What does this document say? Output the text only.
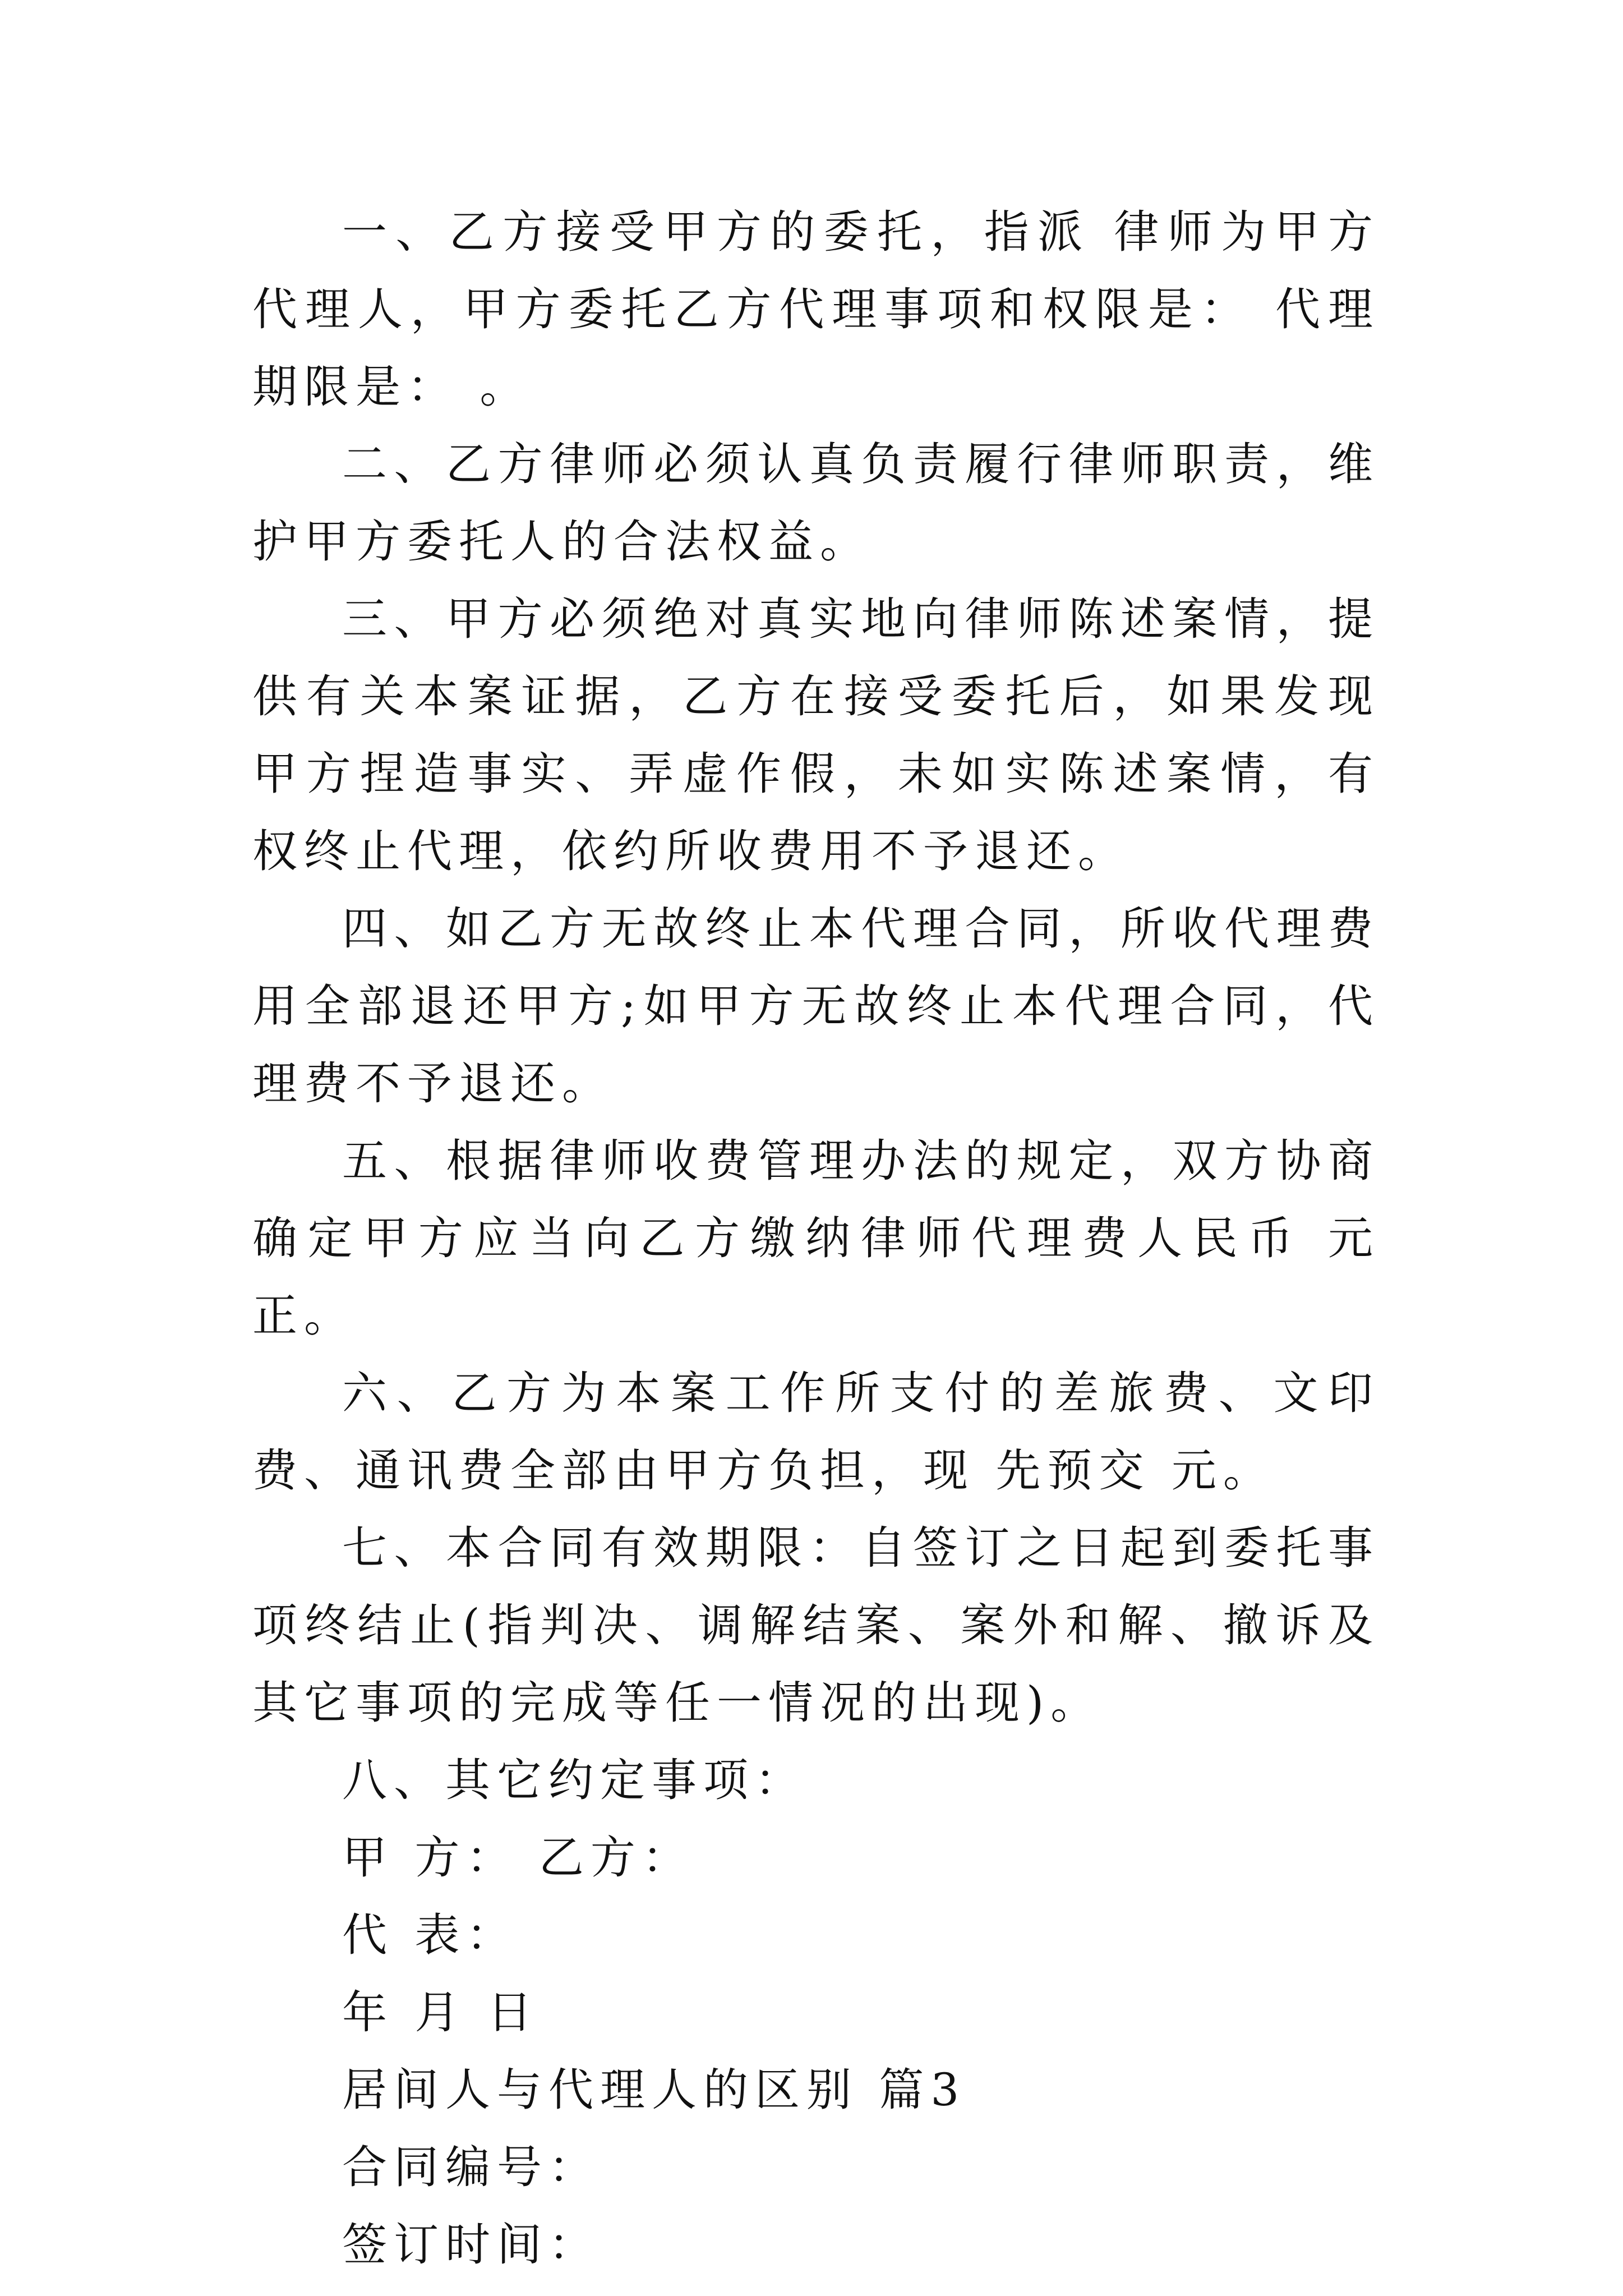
一、乙方接受甲方的委托，指派 律师为甲方代理人，甲方委托乙方代理事项和权限是： 代理期限是： 。

二、乙方律师必须认真负责履行律师职责，维护甲方委托人的合法权益。

三、甲方必须绝对真实地向律师陈述案情，提供有关本案证据，乙方在接受委托后，如果发现甲方捏造事实、弄虚作假，未如实陈述案情，有权终止代理，依约所收费用不予退还。

四、如乙方无故终止本代理合同，所收代理费用全部退还甲方;如甲方无故终止本代理合同，代理费不予退还。

五、根据律师收费管理办法的规定，双方协商确定甲方应当向乙方缴纳律师代理费人民币 元正。

六、乙方为本案工作所支付的差旅费、文印费、通讯费全部由甲方负担，现 先预交 元。

七、本合同有效期限：自签订之日起到委托事项终结止(指判决、调解结案、案外和解、撤诉及其它事项的完成等任一情况的出现)。

八、其它约定事项：

甲 方： 乙方：

代 表：

年 月 日

居间人与代理人的区别 篇3

合同编号：

签订时间：
